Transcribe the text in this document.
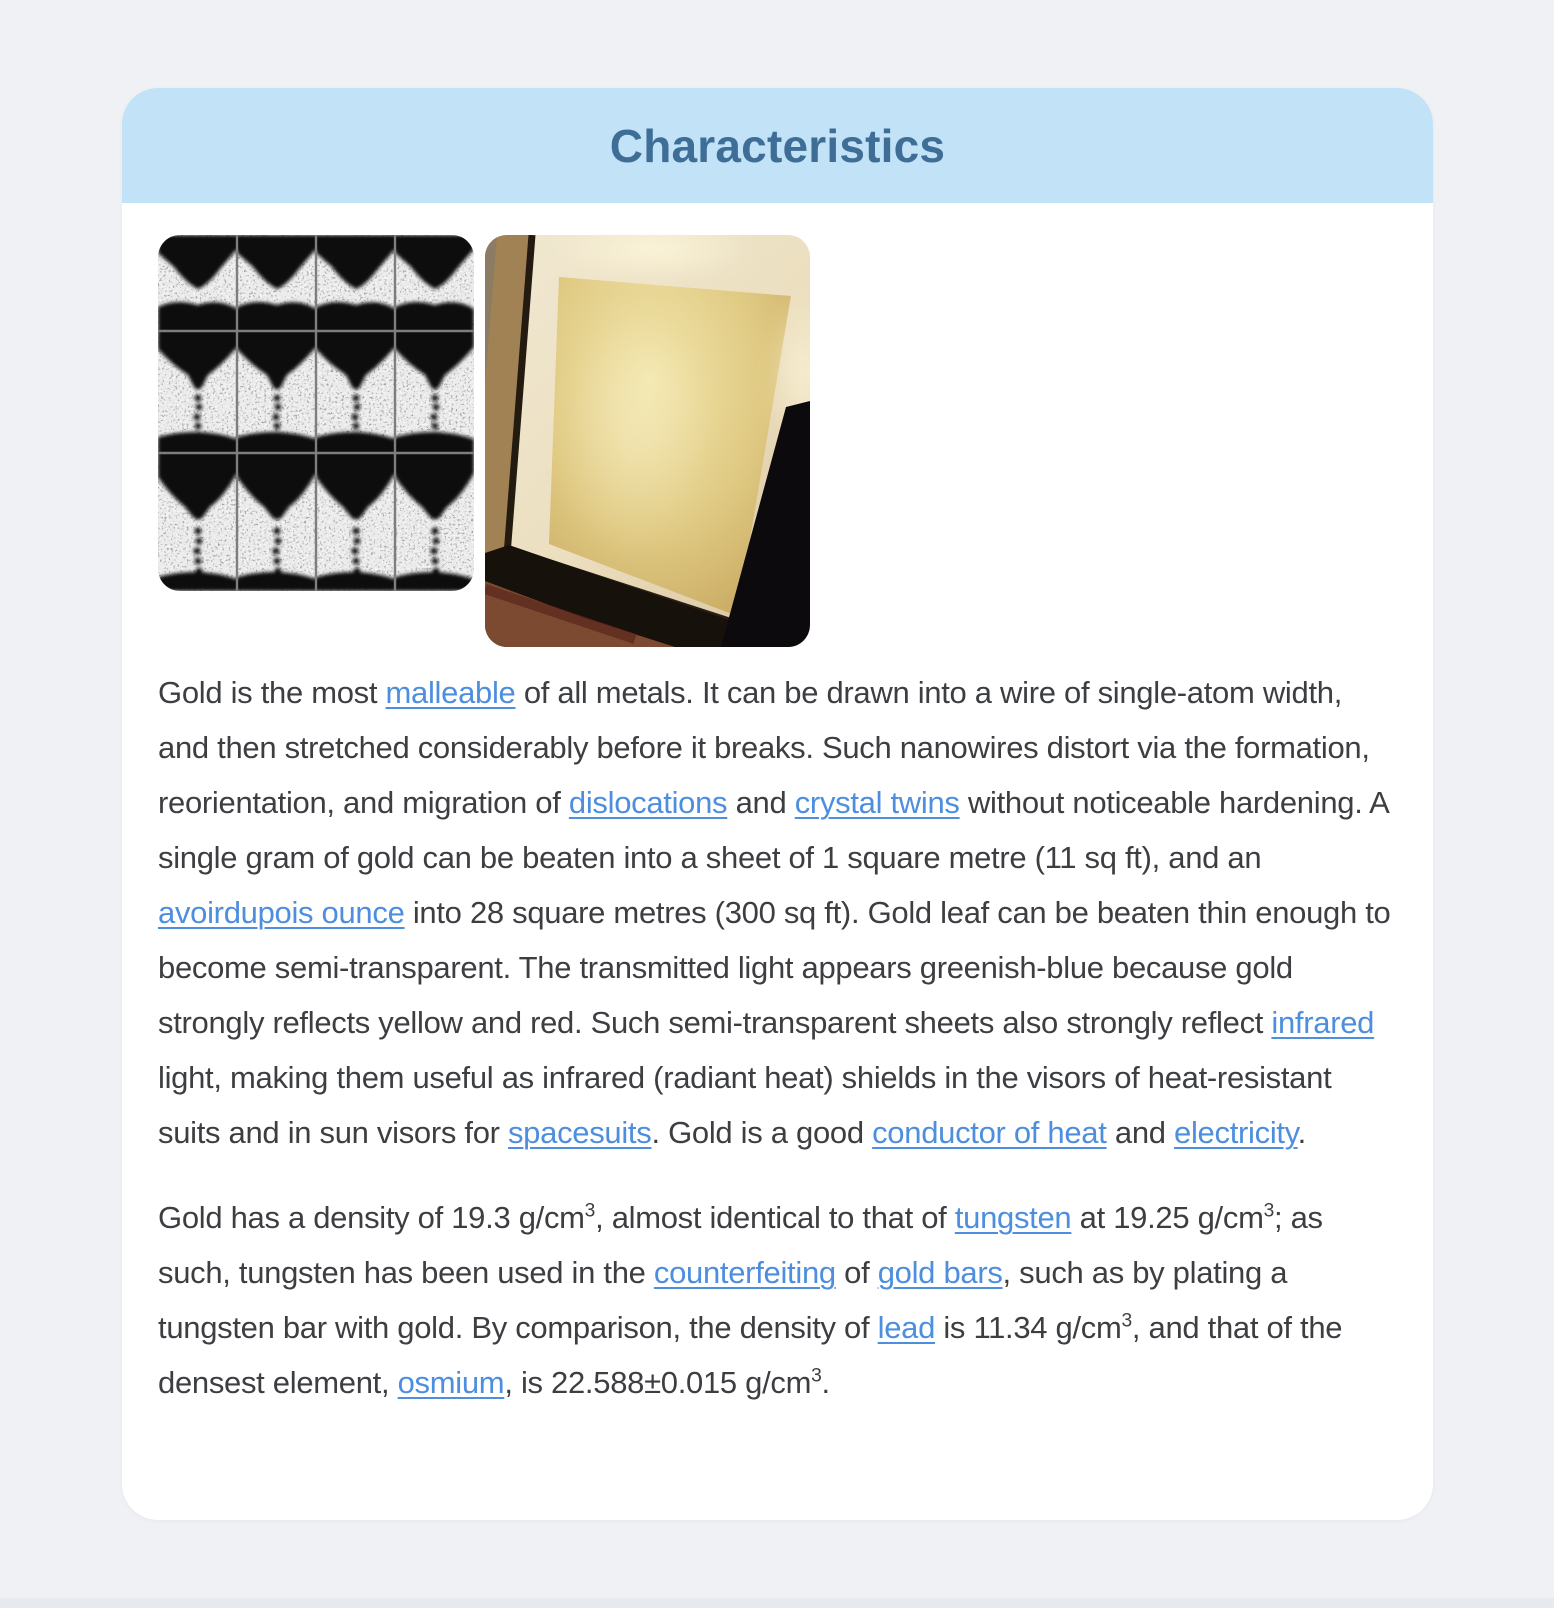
Characteristics

Gold is the most malleable of all metals. It can be drawn into a wire of single-atom width, and then stretched considerably before it breaks. Such nanowires distort via the formation, reorientation, and migration of dislocations and crystal twins without noticeable hardening. A single gram of gold can be beaten into a sheet of 1 square metre (11 sq ft), and an avoirdupois ounce into 28 square metres (300 sq ft). Gold leaf can be beaten thin enough to become semi-transparent. The transmitted light appears greenish-blue because gold strongly reflects yellow and red. Such semi-transparent sheets also strongly reflect infrared light, making them useful as infrared (radiant heat) shields in the visors of heat-resistant suits and in sun visors for spacesuits. Gold is a good conductor of heat and electricity.

Gold has a density of 19.3 $g/cm^3$, almost identical to that of tungsten at 19.25 $g/cm^3$; as such, tungsten has been used in the counterfeiting of gold bars, such as by plating a tungsten bar with gold. By comparison, the density of lead is 11.34 $g/cm^3$, and that of the densest element, osmium, is 22.588±0.015 $g/cm^3$.
